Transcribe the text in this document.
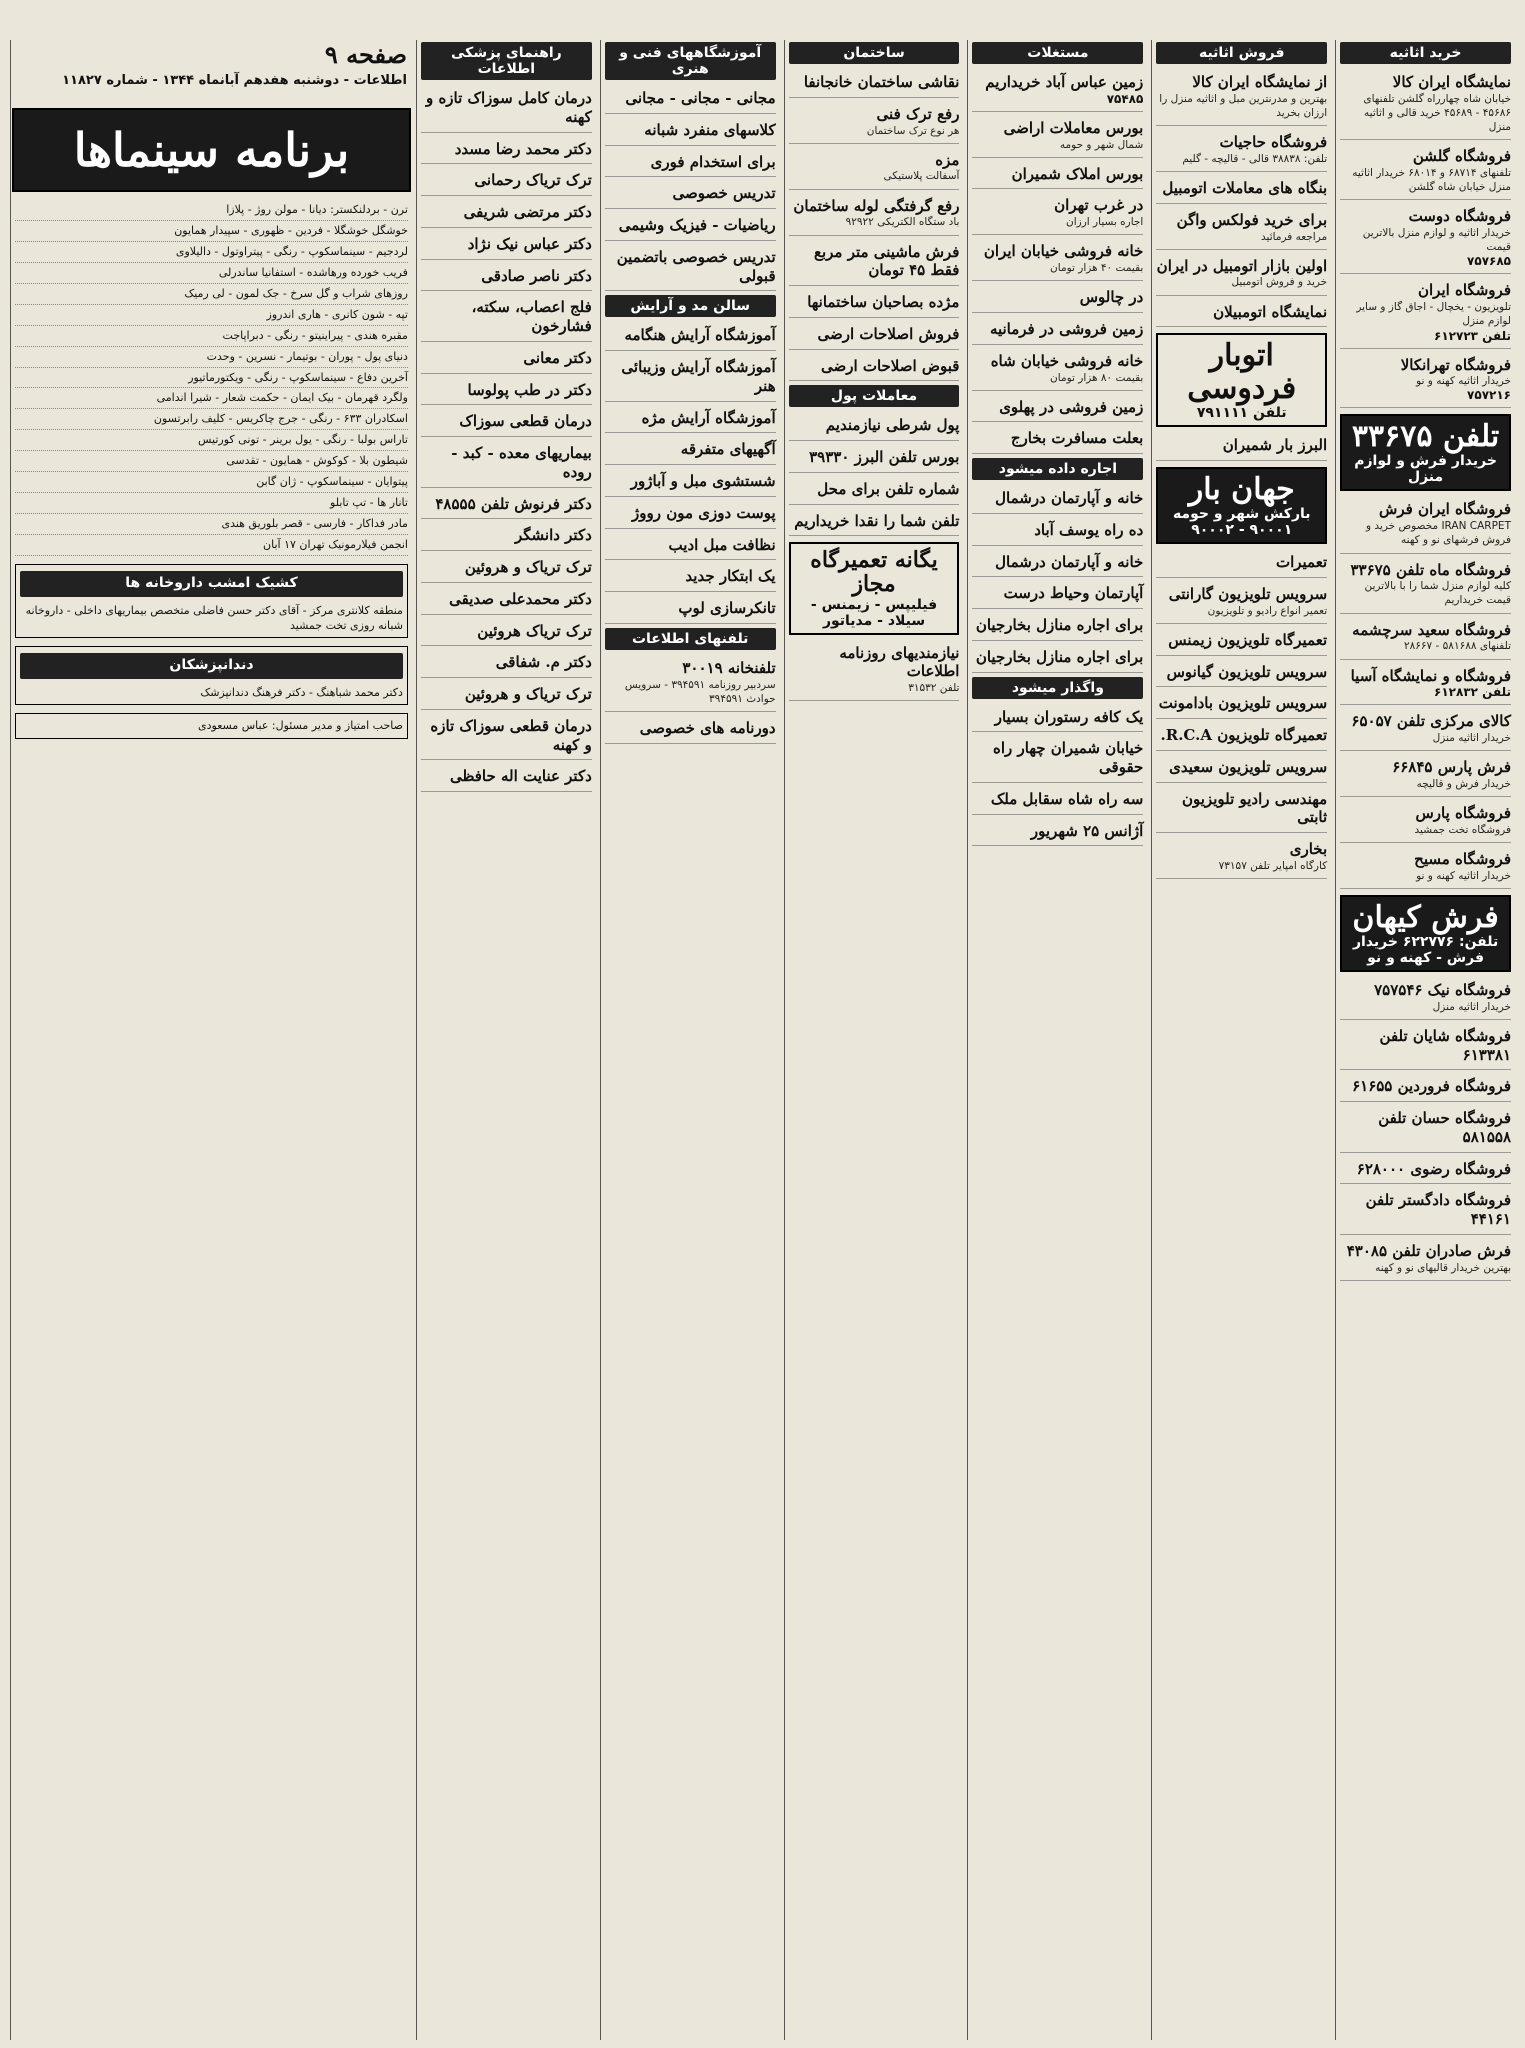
خرید اثاثیه
نمایشگاه ایران کالا
خیابان شاه چهارراه گلشن تلفنهای ۴۵۶۸۶ - ۴۵۶۸۹ خرید قالی و اثاثیه منزل
فروشگاه گلشن
تلفنهای ۶۸۷۱۴ و ۶۸۰۱۴ خریدار اثاثیه منزل خیابان شاه گلشن
فروشگاه دوست
خریدار اثاثیه و لوازم منزل بالاترین قیمت
۷۵۷۶۸۵
فروشگاه ایران
تلویزیون - یخچال - اجاق گاز و سایر لوازم منزل
تلفن ۶۱۲۷۲۳
فروشگاه تهرانکالا
خریدار اثاثیه کهنه و نو
۷۵۷۲۱۶
تلفن ۳۳۶۷۵
خریدار فرش و لوازم منزل
فروشگاه ایران فرش
IRAN CARPET مخصوص خرید و فروش فرشهای نو و کهنه
فروشگاه ماه تلفن ۳۳۶۷۵
کلیه لوازم منزل شما را با بالاترین قیمت خریداریم
فروشگاه سعید سرچشمه
تلفنهای ۵۸۱۶۸۸ - ۲۸۶۶۷
فروشگاه و نمایشگاه آسیا
تلفن ۶۱۲۸۳۲
کالای مرکزی تلفن ۶۵۰۵۷
خریدار اثاثیه منزل
فرش پارس ۶۶۸۴۵
خریدار فرش و قالیچه
فروشگاه پارس
فروشگاه تخت جمشید
فروشگاه مسیح
خریدار اثاثیه کهنه و نو
فرش کیهان
تلفن: ۶۲۲۷۷۶ خریدار فرش - کهنه و نو
فروشگاه نیک ۷۵۷۵۴۶
خریدار اثاثیه منزل
فروشگاه شایان تلفن ۶۱۳۳۸۱
فروشگاه فروردین ۶۱۶۵۵
فروشگاه حسان تلفن ۵۸۱۵۵۸
فروشگاه رضوی ۶۲۸۰۰۰
فروشگاه دادگستر تلفن ۴۴۱۶۱
فرش صادران تلفن ۴۳۰۸۵
بهترین خریدار قالیهای نو و کهنه
فروش اثاثیه
از نمایشگاه ایران کالا
بهترین و مدرنترین مبل و اثاثیه منزل را ارزان بخرید
فروشگاه حاجیات
تلفن: ۳۸۸۳۸ قالی - قالیچه - گلیم
بنگاه های معاملات اتومبیل
برای خرید فولکس واگن
مراجعه فرمائید
اولین بازار اتومبیل در ایران
خرید و فروش اتومبیل
نمایشگاه اتومبیلان
اتوبار فردوسی
تلفن ۷۹۱۱۱۱
البرز بار شمیران
جهان بار
بارکش شهر و حومه ۹۰۰۰۱ - ۹۰۰۰۲
تعمیرات
سرویس تلویزیون گارانتی
تعمیر انواع رادیو و تلویزیون
تعمیرگاه تلویزیون زیمنس
سرویس تلویزیون گیانوس
سرویس تلویزیون بادامونت
تعمیرگاه تلویزیون R.C.A.
سرویس تلویزیون سعیدی
مهندسی رادیو تلویزیون ثابتی
بخاری
کارگاه امپایر تلفن ۷۳۱۵۷
مستغلات
زمین عباس آباد خریداریم
۷۵۴۸۵
بورس معاملات اراضی
شمال شهر و حومه
بورس املاک شمیران
در غرب تهران
اجاره بسیار ارزان
خانه فروشی خیابان ایران
بقیمت ۴۰ هزار تومان
در چالوس
زمین فروشی در فرمانیه
خانه فروشی خیابان شاه
بقیمت ۸۰ هزار تومان
زمین فروشی در پهلوی
بعلت مسافرت بخارج
اجاره داده میشود
خانه و آپارتمان درشمال
ده راه یوسف آباد
خانه و آپارتمان درشمال
آپارتمان وحیاط درست
برای اجاره منازل بخارجیان
برای اجاره منازل بخارجیان
واگذار میشود
یک کافه رستوران بسیار
خیابان شمیران چهار راه حقوقی
سه راه شاه سقابل ملک
آژانس ۲۵ شهریور
ساختمان
نقاشی ساختمان خانجانفا
رفع ترک فنی
هر نوع ترک ساختمان
مزه
آسفالت پلاستیکی
رفع گرفتگی لوله ساختمان
باد ستگاه الکتریکی ۹۲۹۲۲
فرش ماشینی متر مربع فقط ۴۵ تومان
مژده بصاحبان ساختمانها
فروش اصلاحات ارضی
قبوض اصلاحات ارضی
معاملات پول
پول شرطی نیازمندیم
بورس تلفن البرز ۳۹۳۳۰
شماره تلفن برای محل
تلفن شما را نقدا خریداریم
یگانه تعمیرگاه مجاز
فیلیپس - زیمنس - سیلاد - مدیاتور
نیازمندیهای روزنامه اطلاعات
تلفن ۳۱۵۳۲
آموزشگاههای فنی و هنری
مجانی - مجانی - مجانی
کلاسهای منفرد شبانه
برای استخدام فوری
تدریس خصوصی
ریاضیات - فیزیک وشیمی
تدریس خصوصی باتضمین قبولی
سالن مد و آرایش
آموزشگاه آرایش هنگامه
آموزشگاه آرایش وزیبائی هنر
آموزشگاه آرایش مژه
آگهیهای متفرقه
شستشوی مبل و آباژور
پوست دوزی مون رووژ
نظافت مبل ادیب
یک ابتکار جدید
تانکرسازی لوپ
تلفنهای اطلاعات
تلفنخانه ۳۰۰۱۹
سردبیر روزنامه ۳۹۴۵۹۱ - سرویس حوادث ۳۹۴۵۹۱
دورنامه های خصوصی
راهنمای پزشکی اطلاعات
درمان کامل سوزاک تازه و کهنه
دکتر محمد رضا مسدد
ترک تریاک رحمانی
دکتر مرتضی شریفی
دکتر عباس نیک نژاد
دکتر ناصر صادقی
فلج اعصاب، سکته، فشارخون
دکتر معانی
دکتر در طب پولوسا
درمان قطعی سوزاک
بیماریهای معده - کبد - روده
دکتر فرنوش تلفن ۴۸۵۵۵
دکتر دانشگر
ترک تریاک و هروئین
دکتر محمدعلی صدیقی
ترک تریاک هروئین
دکتر م. شفاقی
ترک تریاک و هروئین
درمان قطعی سوزاک تازه و کهنه
دکتر عنایت اله حافظی
ترن - بردلنکستر: دیانا - مولن روژ - پلازا
خوشگل خوشگلا - فردین - ظهوری - سپیدار همایون
لردجیم - سینماسکوپ - رنگی - پیتراوتول - دالیلاوی
فریب خورده ورهاشده - استفانیا ساندرلی
روزهای شراب و گل سرخ - جک لمون - لی رمیک
تپه - شون کانری - هاری اندروز
مقبره هندی - پیراینیتو - رنگی - دبراپاجت
دنیای پول - پوران - بوتیمار - نسرین - وحدت
آخرین دفاع - سینماسکوپ - رنگی - ویکتورماتیور
ولگرد قهرمان - بیک ایمان - حکمت شعار - شیرا اندامی
اسکادران ۶۳۳ - رنگی - جرج چاکریس - کلیف رابرتسون
تاراس بولبا - رنگی - یول برینر - تونی کورتیس
شیطون بلا - کوکوش - همایون - تقدسی
پیتوایان - سینماسکوپ - ژان گابن
تانار ها - تپ تابلو
مادر فداکار - فارسی - قصر بلوریق هندی
انجمن فیلارمونیک تهران ۱۷ آبان
کشیک امشب داروخانه ها
منطقه کلانتری مرکز - آقای دکتر حسن فاضلی متخصص بیماریهای داخلی - داروخانه شبانه روزی تخت جمشید
دندانپزشکان
دکتر محمد شباهنگ - دکتر فرهنگ دندانپزشک
صاحب امتیاز و مدیر مسئول: عباس مسعودی
صفحه ۹
اطلاعات - دوشنبه هفدهم آبانماه ۱۳۴۴ - شماره ۱۱۸۲۷
برنامه سینماها
